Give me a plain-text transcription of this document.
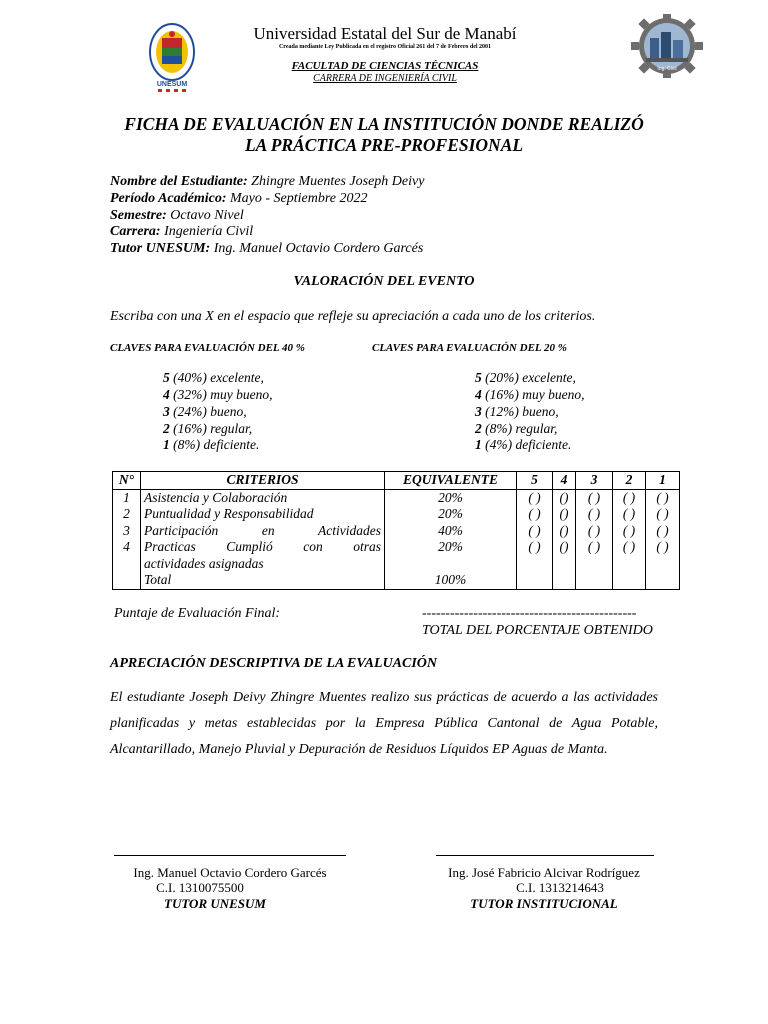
UNESUM
Ing. Civil
Universidad Estatal del Sur de Manabí
Creada mediante Ley Publicada en el registro Oficial 261 del 7 de Febrero del 2001
FACULTAD DE CIENCIAS TÉCNICAS
CARRERA DE INGENIERÍA CIVIL
FICHA DE EVALUACIÓN EN LA INSTITUCIÓN DONDE REALIZÓ
LA PRÁCTICA PRE-PROFESIONAL
Nombre del Estudiante: Zhingre Muentes Joseph Deivy
Período Académico: Mayo - Septiembre 2022
Semestre: Octavo Nivel
Carrera: Ingeniería Civil
Tutor UNESUM: Ing. Manuel Octavio Cordero Garcés
VALORACIÓN DEL EVENTO
Escriba con una X en el espacio que refleje su apreciación a cada uno de los criterios.
CLAVES PARA EVALUACIÓN DEL 40 %	CLAVES PARA EVALUACIÓN DEL 20 %
5 (40%) excelente,
4 (32%) muy bueno,
3 (24%) bueno,
2 (16%) regular,
1 (8%) deficiente.
5 (20%) excelente,
4 (16%) muy bueno,
3 (12%) bueno,
2 (8%) regular,
1 (4%) deficiente.
N°	CRITERIOS	EQUIVALENTE	5	4	3	2	1
1	Asistencia y Colaboración	20%	( )	()	( )	( )	( )
2	Puntualidad y Responsabilidad	20%	( )	()	( )	( )	( )
3	Participación en Actividades	40%	( )	()	( )	( )	( )
4	Practicas Cumplió con otras
actividades asignadas	20%	( )	()	( )	( )	( )
	Total	100%					
Puntaje de Evaluación Final:	----------------------------------------------
TOTAL DEL PORCENTAJE OBTENIDO
APRECIACIÓN DESCRIPTIVA DE LA EVALUACIÓN
El estudiante Joseph Deivy Zhingre Muentes realizo sus prácticas de acuerdo a las actividades planificadas y metas establecidas por la Empresa Pública Cantonal de Agua Potable, Alcantarillado, Manejo Pluvial y Depuración de Residuos Líquidos EP Aguas de Manta.
Ing. Manuel Octavio Cordero Garcés
C.I. 1310075500
TUTOR UNESUM
Ing. José Fabricio Alcivar Rodríguez
C.I. 1313214643
TUTOR INSTITUCIONAL
